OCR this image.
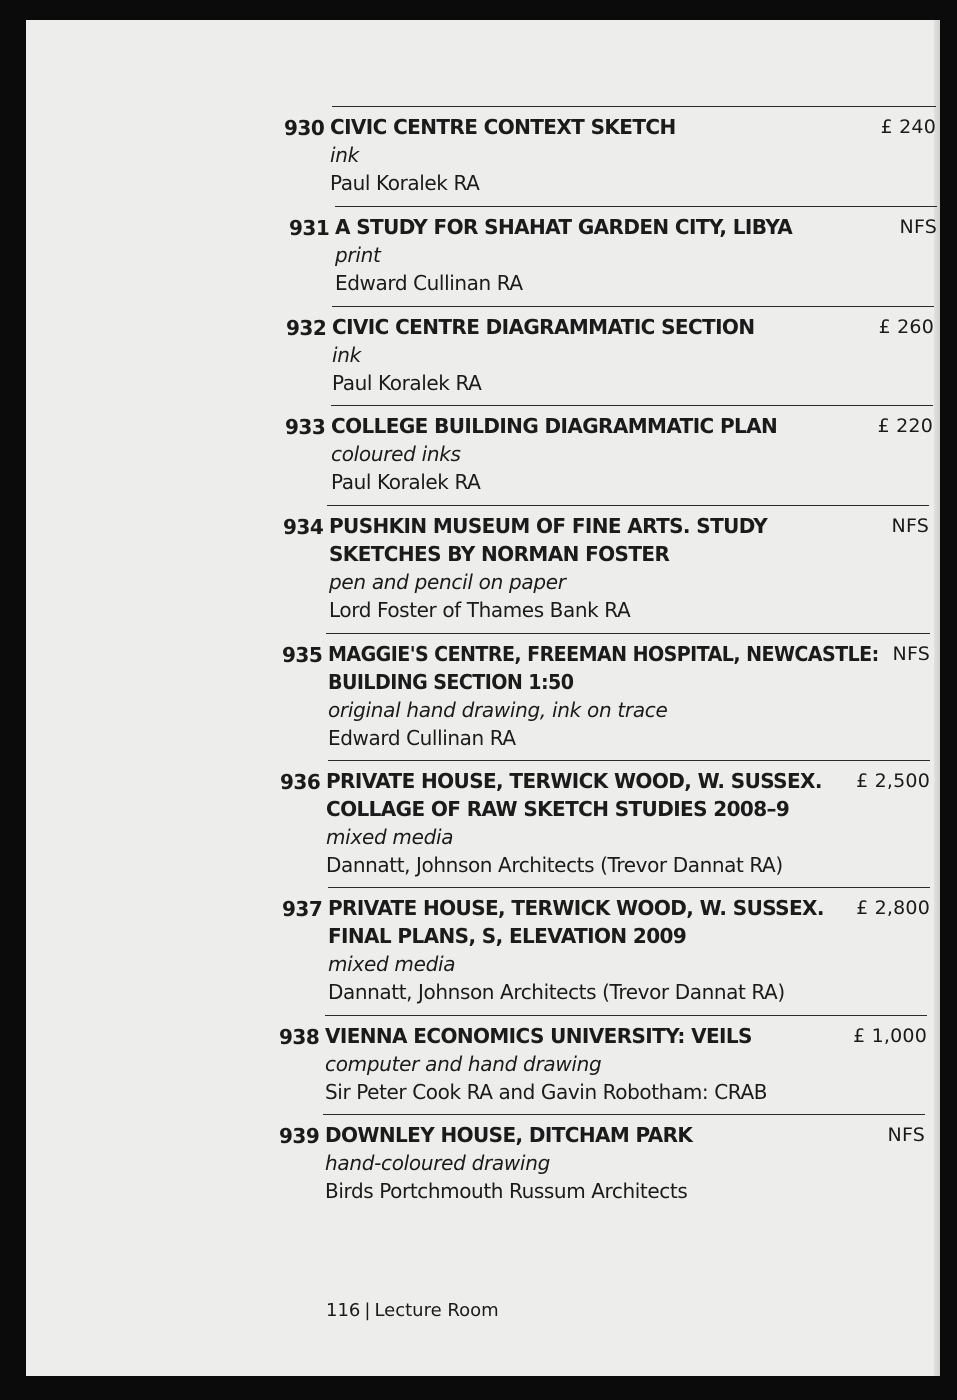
930 CIVIC CENTRE CONTEXT SKETCH
ink
Paul Koralek RA
£ 240
931 A STUDY FOR SHAHAT GARDEN CITY, LIBYA
print
Edward Cullinan RA
NFS
932 CIVIC CENTRE DIAGRAMMATIC SECTION
ink
Paul Koralek RA
£ 260
933 COLLEGE BUILDING DIAGRAMMATIC PLAN
coloured inks
Paul Koralek RA
£ 220
934 PUSHKIN MUSEUM OF FINE ARTS. STUDY
SKETCHES BY NORMAN FOSTER
pen and pencil on paper
Lord Foster of Thames Bank RA
NFS
935 MAGGIE'S CENTRE, FREEMAN HOSPITAL, NEWCASTLE:
BUILDING SECTION 1:50
original hand drawing, ink on trace
Edward Cullinan RA
NFS
936 PRIVATE HOUSE, TERWICK WOOD, W. SUSSEX.
COLLAGE OF RAW SKETCH STUDIES 2008–9
mixed media
Dannatt, Johnson Architects (Trevor Dannat RA)
£ 2,500
937 PRIVATE HOUSE, TERWICK WOOD, W. SUSSEX.
FINAL PLANS, S, ELEVATION 2009
mixed media
Dannatt, Johnson Architects (Trevor Dannat RA)
£ 2,800
938 VIENNA ECONOMICS UNIVERSITY: VEILS
computer and hand drawing
Sir Peter Cook RA and Gavin Robotham: CRAB
£ 1,000
939 DOWNLEY HOUSE, DITCHAM PARK
hand-coloured drawing
Birds Portchmouth Russum Architects
NFS
116 | Lecture Room
